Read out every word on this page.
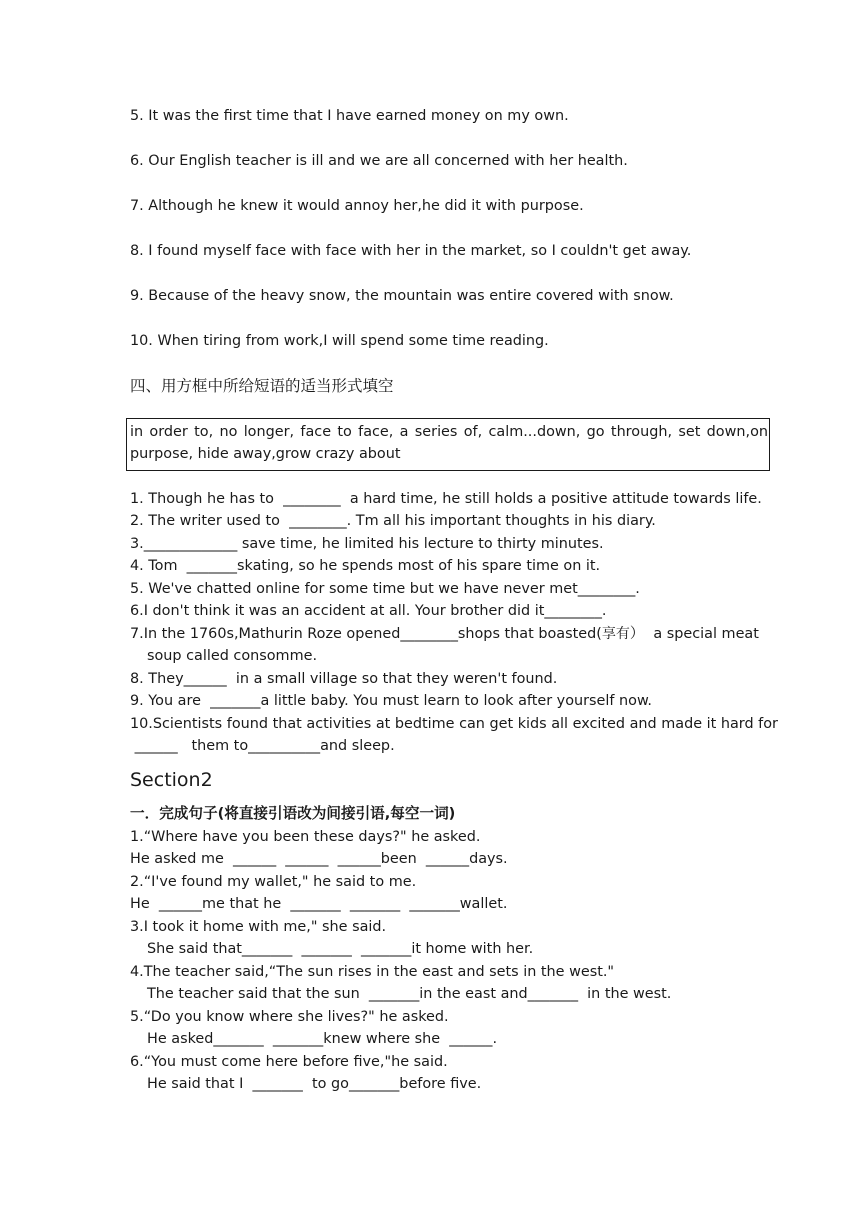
5. It was the first time that I have earned money on my own.
6. Our English teacher is ill and we are all concerned with her health.
7. Although he knew it would annoy her,he did it with purpose.
8. I found myself face with face with her in the market, so I couldn't get away.
9. Because of the heavy snow, the mountain was entire covered with snow.
10. When tiring from work,I will spend some time reading.
四、用方框中所给短语的适当形式填空
in order to, no longer, face to face, a series of, calm...down, go through, set down,on
purpose, hide away,grow crazy about
1. Though he has to  ________  a hard time, he still holds a positive attitude towards life.
2. The writer used to  ________. Tm all his important thoughts in his diary.
3._____________ save time, he limited his lecture to thirty minutes.
4. Tom  _______skating, so he spends most of his spare time on it.
5. We've chatted online for some time but we have never met________.
6.I don't think it was an accident at all. Your brother did it________.
7.In the 1760s,Mathurin Roze opened________shops that boasted(享有）  a special meat
soup called consomme.
8. They______  in a small village so that they weren't found.
9. You are  _______a little baby. You must learn to look after yourself now.
10.Scientists found that activities at bedtime can get kids all excited and made it hard for
______   them to__________and sleep.
Section2
一．完成句子(将直接引语改为间接引语,每空一词)
1.“Where have you been these days?" he asked.
He asked me  ______  ______  ______been  ______days.
2.“I've found my wallet," he said to me.
He  ______me that he  _______  _______  _______wallet.
3.I took it home with me," she said.
She said that_______  _______  _______it home with her.
4.The teacher said,“The sun rises in the east and sets in the west."
The teacher said that the sun  _______in the east and_______  in the west.
5.“Do you know where she lives?" he asked.
He asked_______  _______knew where she  ______.
6.“You must come here before five,"he said.
He said that I  _______  to go_______before five.
